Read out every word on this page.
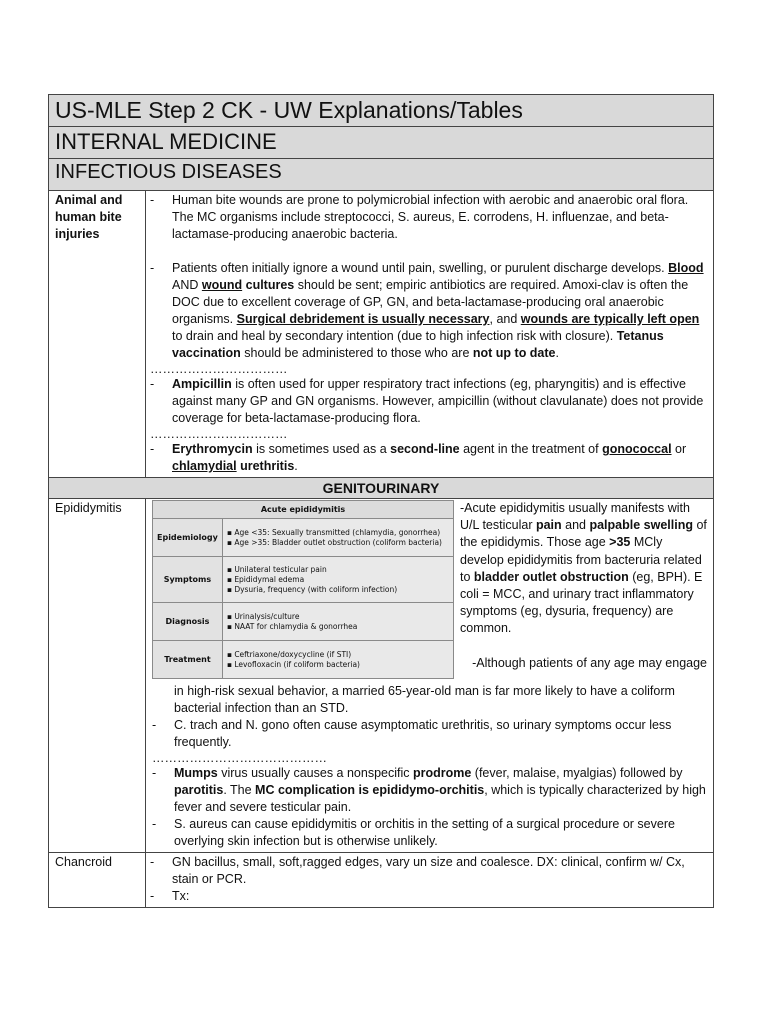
US-MLE Step 2 CK - UW Explanations/Tables
INTERNAL MEDICINE
INFECTIOUS DISEASES
Animal and
human bite
injuries	
-	Human bite wounds are prone to polymicrobial infection with aerobic and anaerobic oral flora. The MC organisms include streptococci, S. aureus, E. corrodens, H. influenzae, and beta-lactamase-producing anaerobic bacteria.
-	Patients often initially ignore a wound until pain, swelling, or purulent discharge develops. Blood AND wound cultures should be sent; empiric antibiotics are required. Amoxi-clav is often the DOC due to excellent coverage of GP, GN, and beta-lactamase-producing oral anaerobic organisms. Surgical debridement is usually necessary, and wounds are typically left open to drain and heal by secondary intention (due to high infection risk with closure). Tetanus vaccination should be administered to those who are not up to date.
……………………………
-	Ampicillin is often used for upper respiratory tract infections (eg, pharyngitis) and is effective against many GP and GN organisms. However, ampicillin (without clavulanate) does not provide coverage for beta-lactamase-producing flora.
……………………………
-	Erythromycin is sometimes used as a second-line agent in the treatment of gonococcal or chlamydial urethritis.

GENITOURINARY
Epididymitis		Acute epididymitis
Epidemiology	
▪ Age <35: Sexually transmitted (chlamydia, gonorrhea)
▪ Age >35: Bladder outlet obstruction (coliform bacteria)

Symptoms	
▪ Unilateral testicular pain
▪ Epididymal edema
▪ Dysuria, frequency (with coliform infection)

Diagnosis	
▪ Urinalysis/culture
▪ NAAT for chlamydia & gonorrhea

Treatment	
▪ Ceftriaxone/doxycycline (if STI)
▪ Levofloxacin (if coliform bacteria)
-Acute epididymitis usually manifests with U/L testicular pain and palpable swelling of the epididymis. Those age >35 MCly develop epididymitis from bacteruria related to bladder outlet obstruction (eg, BPH). E coli = MCC, and urinary tract inflammatory symptoms (eg, dysuria, frequency) are common.
-Although patients of any age may engage
in high-risk sexual behavior, a married 65-year-old man is far more likely to have a coliform bacterial infection than an STD.
-	C. trach and N. gono often cause asymptomatic urethritis, so urinary symptoms occur less frequently.
……………………………………
-	Mumps virus usually causes a nonspecific prodrome (fever, malaise, myalgias) followed by parotitis. The MC complication is epididymo-orchitis, which is typically characterized by high fever and severe testicular pain.
-	S. aureus can cause epididymitis or orchitis in the setting of a surgical procedure or severe overlying skin infection but is otherwise unlikely.

Chancroid	-	GN bacillus, small, soft,ragged edges, vary un size and coalesce. DX: clinical, confirm w/ Cx, stain or PCR.
-	Tx:
